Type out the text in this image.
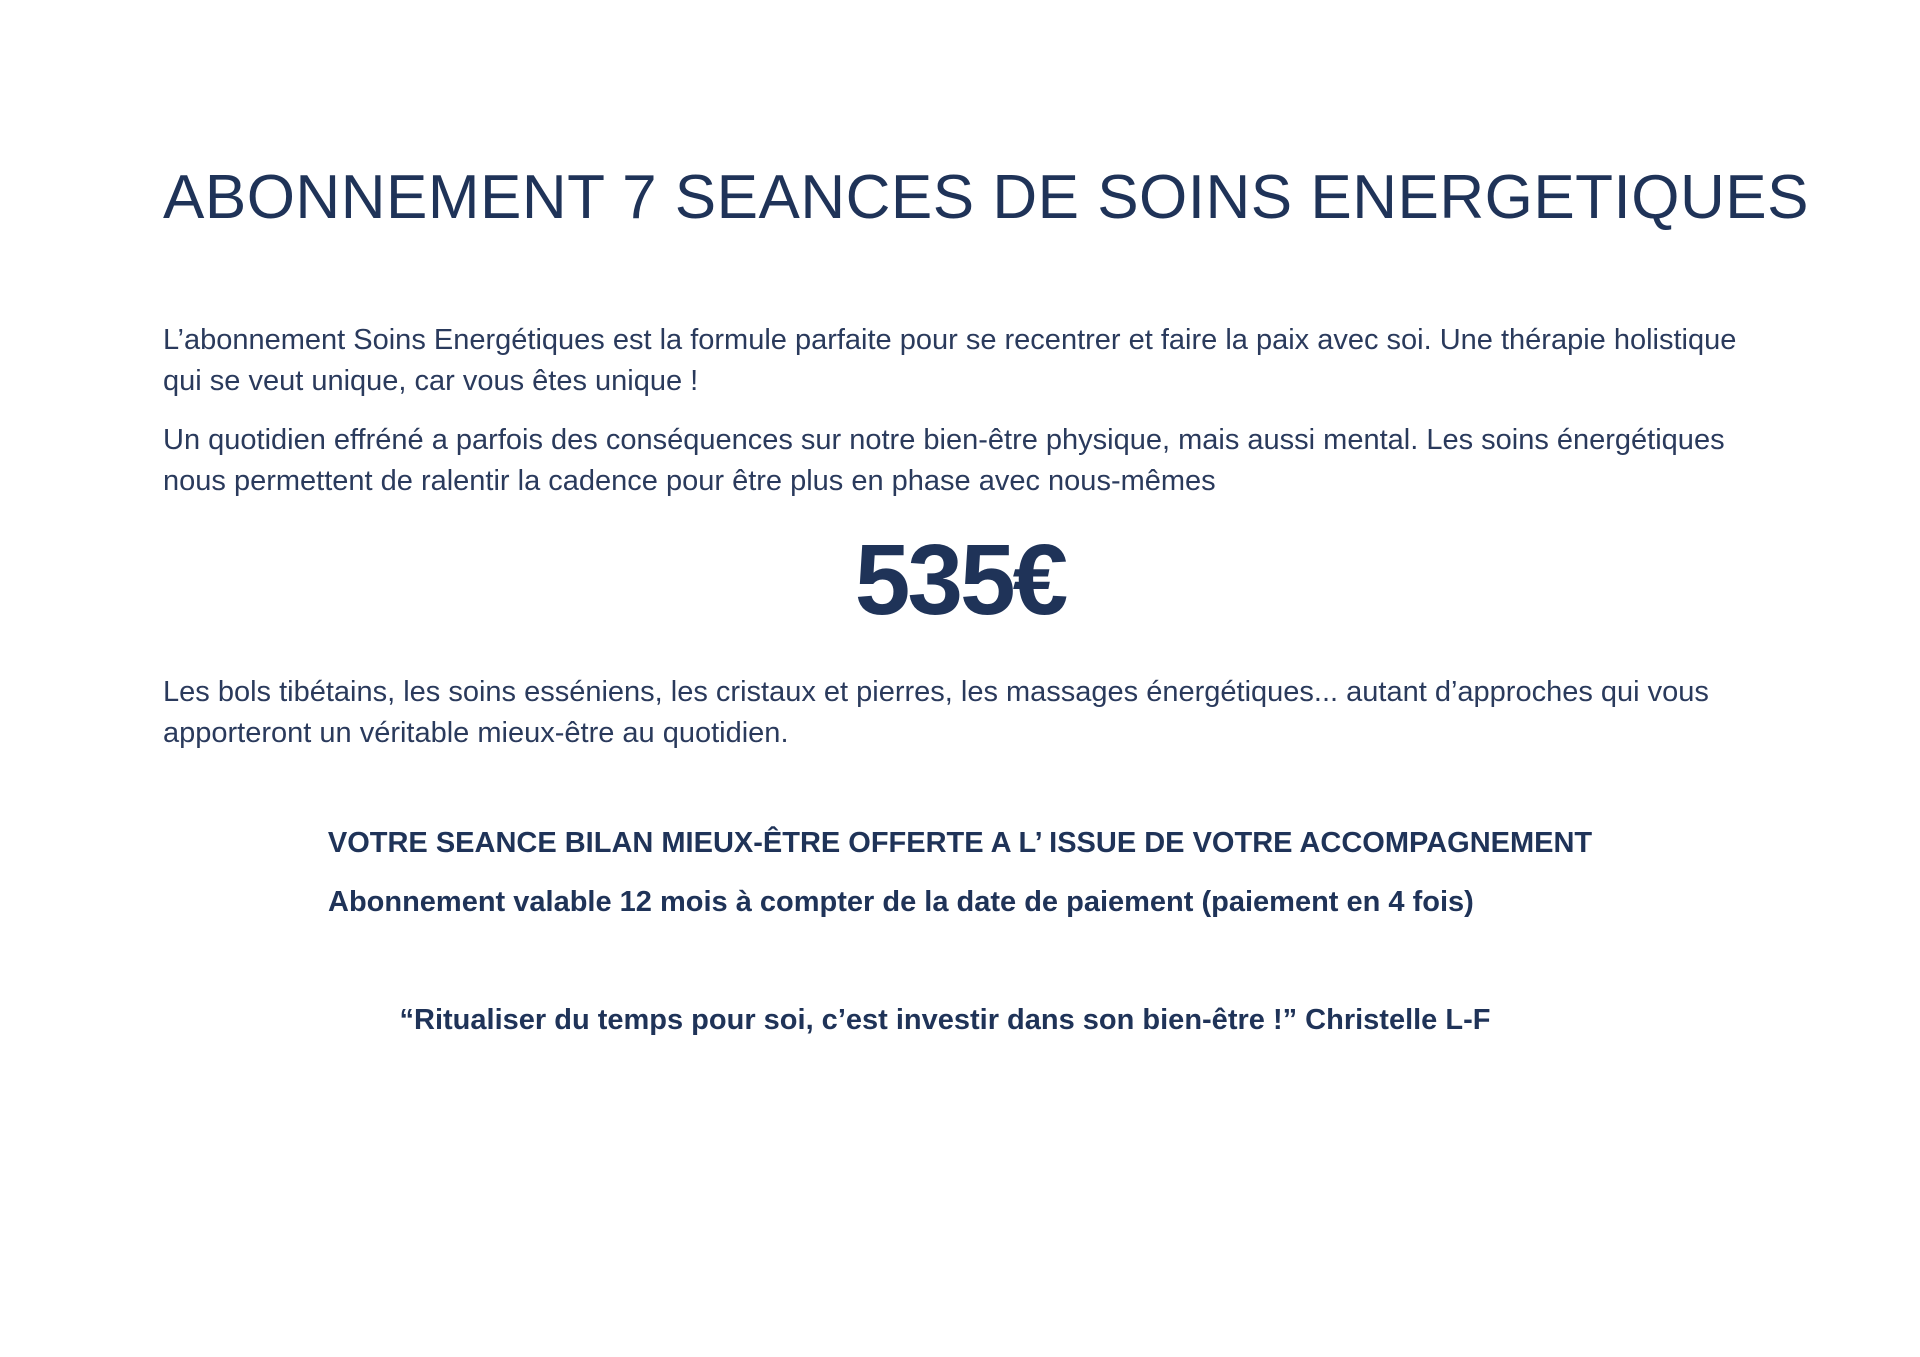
ABONNEMENT 7 SEANCES DE SOINS ENERGETIQUES

L’abonnement Soins Energétiques est la formule parfaite pour se recentrer et faire la paix avec soi. Une thérapie holistique qui se veut unique, car vous êtes unique !

Un quotidien effréné a parfois des conséquences sur notre bien-être physique, mais aussi mental. Les soins énergétiques nous permettent de ralentir la cadence pour être plus en phase avec nous-mêmes

535€

Les bols tibétains, les soins esséniens, les cristaux et pierres, les massages énergétiques... autant d’approches qui vous apporteront un véritable mieux-être au quotidien.

VOTRE SEANCE BILAN MIEUX-ÊTRE OFFERTE A L’ ISSUE DE VOTRE ACCOMPAGNEMENT
Abonnement valable 12 mois à compter de la date de paiement (paiement en 4 fois)
“Ritualiser du temps pour soi, c’est investir dans son bien-être !” Christelle L-F
